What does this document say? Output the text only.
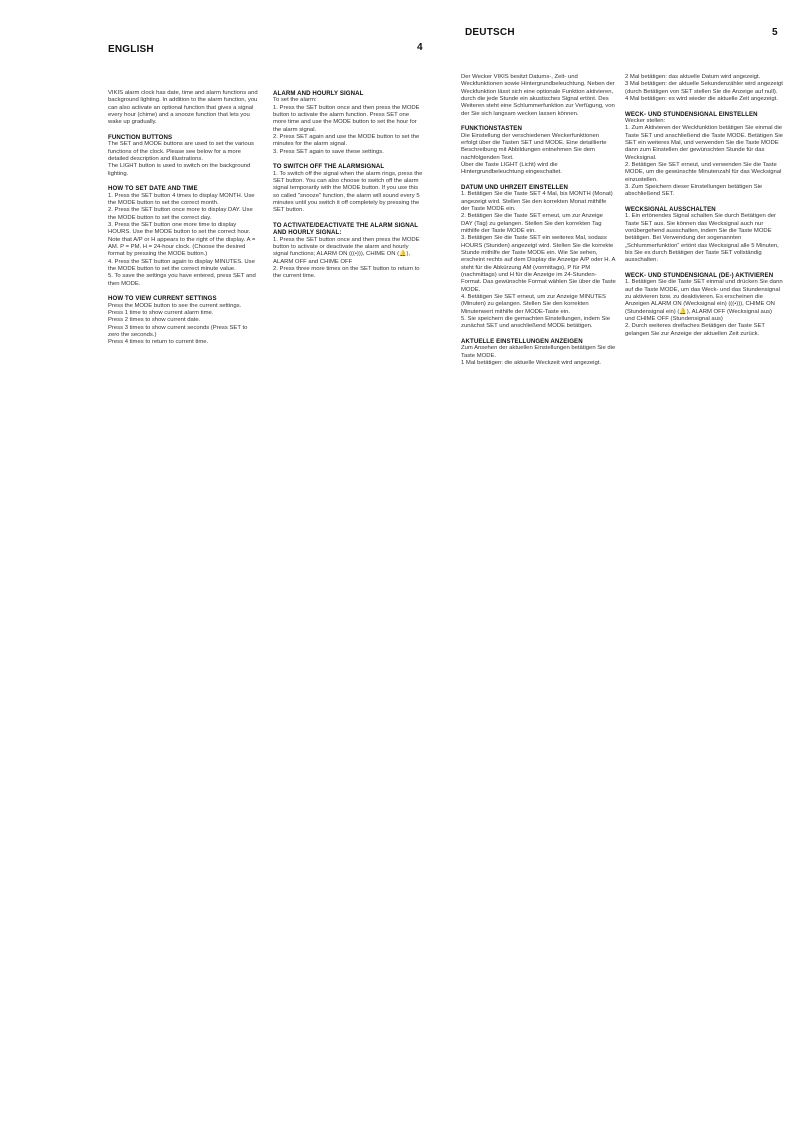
ENGLISH	4
DEUTSCH	5

VIKIS alarm clock has date, time and alarm functions and background lighting. In addition to the alarm function, you can also activate an optional function that gives a signal every hour (chime) and a snooze function that lets you wake up gradually.

FUNCTION BUTTONS

The SET and MODE buttons are used to set the various functions of the clock. Please see below for a more detailed description and illustrations.

The LIGHT button is used to switch on the background lighting.

HOW TO SET DATE AND TIME

1. Press the SET button 4 times to display MONTH. Use the MODE button to set the correct month.

2. Press the SET button once more to display DAY. Use the MODE button to set the correct day.

3. Press the SET button one more time to display HOURS. Use the MODE button to set the correct hour. Note that A/P or H appears to the right of the display. A = AM. P = PM. H = 24-hour clock. (Choose the desired format by pressing the MODE button.)

4. Press the SET button again to display MINUTES. Use the MODE button to set the correct minute value.

5. To save the settings you have entered, press SET and then MODE.

HOW TO VIEW CURRENT SETTINGS

Press the MODE button to see the current settings.

Press 1 time to show current alarm time.

Press 2 times to show current date.

Press 3 times to show current seconds (Press SET to zero the seconds.)

Press 4 times to return to current time.

ALARM AND HOURLY SIGNAL

To set the alarm:

1. Press the SET button once and then press the MODE button to activate the alarm function. Press SET one more time and use the MODE button to set the hour for the alarm signal.

2. Press SET again and use the MODE button to set the minutes for the alarm signal.

3. Press SET again to save these settings.

TO SWITCH OFF THE ALARMSIGNAL

1. To switch off the signal when the alarm rings, press the SET button. You can also choose to switch off the alarm signal temporarily with the MODE button. If you use this so called "snooze" function, the alarm will sound every 5 minutes until you switch it off completely by pressing the SET button.

TO ACTIVATE/DEACTIVATE THE ALARM SIGNAL AND HOURLY SIGNAL:

1. Press the SET button once and then press the MODE button to activate or deactivate the alarm and hourly signal functions; ALARM ON (((•))), CHIME ON (🔔), ALARM OFF and CHIME OFF

2. Press three more times on the SET button to return to the current time.

Der Wecker VIKIS besitzt Datums-, Zeit- und Weckfunktionen sowie Hintergrundbeleuchtung. Neben der Weckfunktion lässt sich eine optionale Funktion aktivieren, durch die jede Stunde ein akustisches Signal ertönt. Des Weiteren steht eine Schlummerfunktion zur Verfügung, von der Sie sich langsam wecken lassen können.

FUNKTIONSTASTEN

Die Einstellung der verschiedenen Weckerfunktionen erfolgt über die Tasten SET und MODE. Eine detaillierte Beschreibung mit Abbildungen entnehmen Sie dem nachfolgenden Text.

Über die Taste LIGHT (Licht) wird die Hintergrundbeleuchtung eingeschaltet.

DATUM UND UHRZEIT EINSTELLEN

1. Betätigen Sie die Taste SET 4 Mal, bis MONTH (Monat) angezeigt wird. Stellen Sie den korrekten Monat mithilfe der Taste MODE ein.

2. Betätigen Sie die Taste SET erneut, um zur Anzeige DAY (Tag) zu gelangen. Stellen Sie den korrekten Tag mithilfe der Taste MODE ein.

3. Betätigen Sie die Taste SET ein weiteres Mal, sodass HOURS (Stunden) angezeigt wird. Stellen Sie die korrekte Stunde mithilfe der Taste MODE ein. Wie Sie sehen, erscheint rechts auf dem Display die Anzeige A/P oder H. A steht für die Abkürzung AM (vormittags), P für PM (nachmittags) und H für die Anzeige im 24-Stunden-Format. Das gewünschte Format wählen Sie über die Taste MODE.

4. Betätigen Sie SET erneut, um zur Anzeige MINUTES (Minuten) zu gelangen. Stellen Sie den korrekten Minutenwert mithilfe der MODE-Taste ein.

5. Sie speichern die gemachten Einstellungen, indem Sie zunächst SET und anschließend MODE betätigen.

AKTUELLE EINSTELLUNGEN ANZEIGEN

Zum Ansehen der aktuellen Einstellungen betätigen Sie die Taste MODE.

1 Mal betätigen: die aktuelle Weckzeit wird angezeigt.

2 Mal betätigen: das aktuelle Datum wird angezeigt.

3 Mal betätigen: der aktuelle Sekundenzähler wird angezeigt (durch Betätigen von SET stellen Sie die Anzeige auf null).

4 Mal betätigen: es wird wieder die aktuelle Zeit angezeigt.

WECK- UND STUNDENSIGNAL EINSTELLEN

Wecker stellen:

1. Zum Aktivieren der Weckfunktion betätigen Sie einmal die Taste SET und anschließend die Taste MODE. Betätigen Sie SET ein weiteres Mal, und verwenden Sie die Taste MODE dann zum Einstellen der gewünschten Stunde für das Wecksignal.

2. Betätigen Sie SET erneut, und verwenden Sie die Taste MODE, um die gewünschte Minutenzahl für das Wecksignal einzustellen.

3. Zum Speichern dieser Einstellungen betätigen Sie abschließend SET.

WECKSIGNAL AUSSCHALTEN

1. Ein ertönendes Signal schalten Sie durch Betätigen der Taste SET aus. Sie können das Wecksignal auch nur vorübergehend ausschalten, indem Sie die Taste MODE betätigen. Bei Verwendung der sogenannten „Schlummerfunktion“ ertönt das Wecksignal alle 5 Minuten, bis Sie es durch Betätigen der Taste SET vollständig ausschalten.

WECK- UND STUNDENSIGNAL (DE-) AKTIVIEREN

1. Betätigen Sie die Taste SET einmal und drücken Sie dann auf die Taste MODE, um das Weck- und das Stundensignal zu aktivieren bzw. zu deaktivieren. Es erscheinen die Anzeigen ALARM ON (Wecksignal ein) (((•))), CHIME ON (Stundensignal ein) (🔔), ALARM OFF (Wecksignal aus) und CHIME OFF (Stundensignal aus)

2. Durch weiteres dreifaches Betätigen der Taste SET gelangen Sie zur Anzeige der aktuellen Zeit zurück.
